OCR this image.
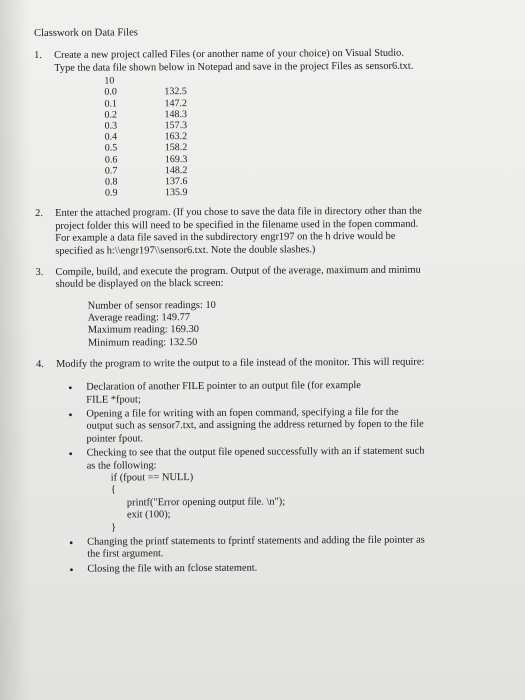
Classwork on Data Files
1. Create a new project called Files (or another name of your choice) on Visual Studio.
Type the data file shown below in Notepad and save in the project Files as sensor6.txt.
10	
0.0	132.5
0.1	147.2
0.2	148.3
0.3	157.3
0.4	163.2
0.5	158.2
0.6	169.3
0.7	148.2
0.8	137.6
0.9	135.9
2. Enter the attached program. (If you chose to save the data file in directory other than the
project folder this will need to be specified in the filename used in the fopen command.
For example a data file saved in the subdirectory engr197 on the h drive would be
specified as h:\\engr197\\sensor6.txt. Note the double slashes.)
3. Compile, build, and execute the program. Output of the average, maximum and minimu
should be displayed on the black screen:
Number of sensor readings: 10
Average reading: 149.77
Maximum reading: 169.30
Minimum reading: 132.50
4. Modify the program to write the output to a file instead of the monitor. This will require:
• Declaration of another FILE pointer to an output file (for example
FILE *fpout;
• Opening a file for writing with an fopen command, specifying a file for the
output such as sensor7.txt, and assigning the address returned by fopen to the file
pointer fpout.
• Checking to see that the output file opened successfully with an if statement such
as the following:
if (fpout == NULL)
{
printf("Error opening output file. \n");
exit (100);
}
• Changing the printf statements to fprintf statements and adding the file pointer as
the first argument.
• Closing the file with an fclose statement.
